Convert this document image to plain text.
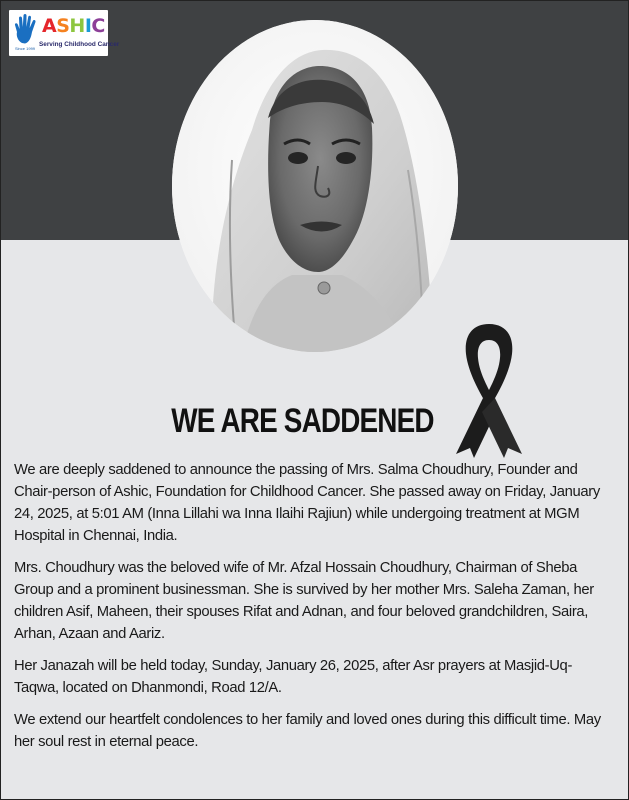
Since 1999
ASHIC
Serving Childhood Cancer
WE ARE SADDENED

We are deeply saddened to announce the passing of Mrs. Salma Choudhury, Founder and Chair-person of Ashic, Foundation for Childhood Cancer. She passed away on Friday, January 24, 2025, at 5:01 AM (Inna Lillahi wa Inna Ilaihi Rajiun) while undergoing treatment at MGM Hospital in Chennai, India.

Mrs. Choudhury was the beloved wife of Mr. Afzal Hossain Choudhury, Chairman of Sheba Group and a prominent businessman. She is survived by her mother Mrs. Saleha Zaman, her children Asif, Maheen, their spouses Rifat and Adnan, and four beloved grandchildren, Saira, Arhan, Azaan and Aariz.

Her Janazah will be held today, Sunday, January 26, 2025, after Asr prayers at Masjid-Uq- Taqwa, located on Dhanmondi, Road 12/A.

We extend our heartfelt condolences to her family and loved ones during this difficult time. May her soul rest in eternal peace.
